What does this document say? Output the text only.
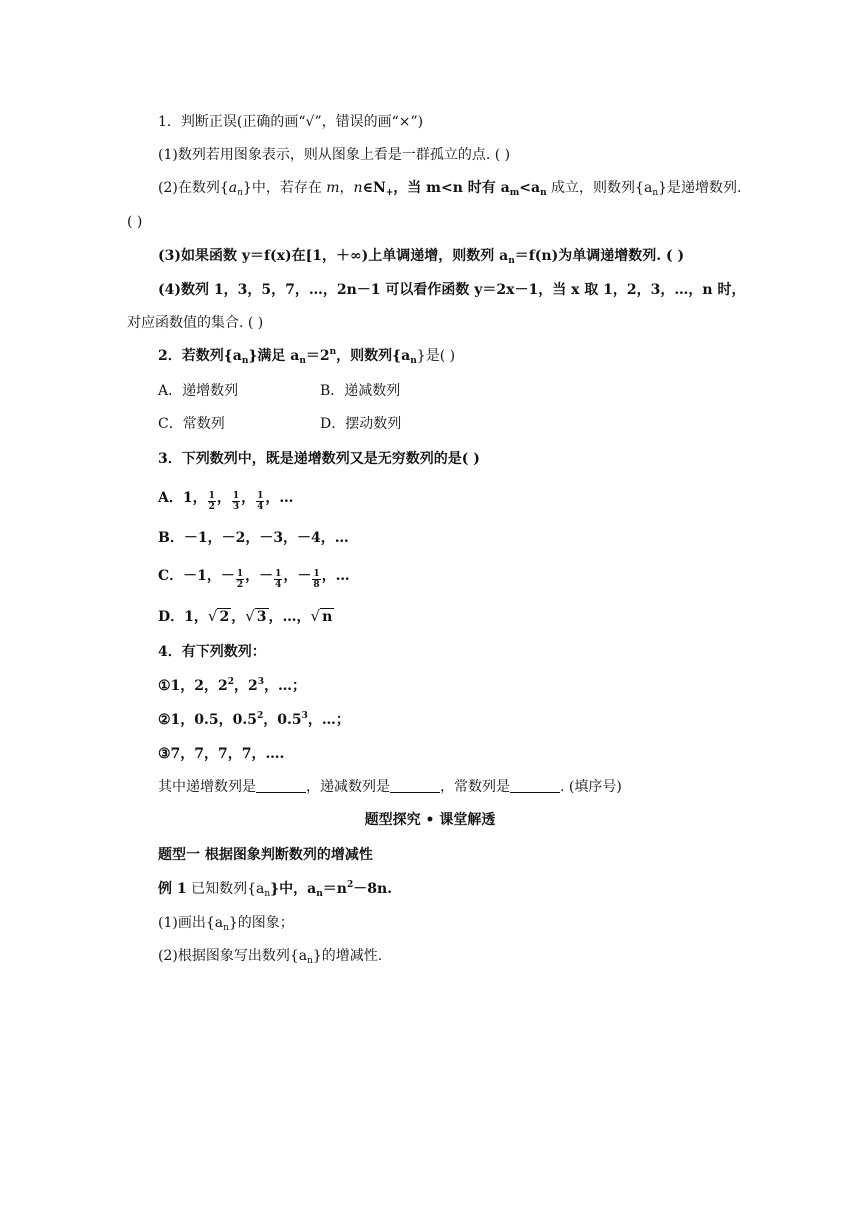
1．判断正误(正确的画“√”，错误的画“×”)
(1)数列若用图象表示，则从图象上看是一群孤立的点. ( )
(2)在数列$\{a_n\}$中，若存在 m，$n\in N_+$，当 m<n 时有 $a_m<a_n$ 成立，则数列$\{a_n\}$是递增数列.
( )
(3)如果函数 y＝f(x)在[1，＋∞)上单调递增，则数列 $a_n=f(n)$为单调递增数列. ( )
(4)数列 1，3，5，7，…，2n－1 可以看作函数 y＝2x－1，当 x 取 1，2，3，…，n 时，
对应函数值的集合. ( )
2．若数列$\{a_n\}$满足 $a_n=2^n$，则数列$\{a_n\}$是( )
A．递增数列	B．递减数列
C．常数列	D．摆动数列
3．下列数列中，既是递增数列又是无穷数列的是( )
A．1， $\frac{1}{2}$ ， $\frac{1}{3}$ ， $\frac{1}{4}$ ，…
B．－1，－2，－3，－4，…
C．－1，－ $\frac{1}{2}$ ，－ $\frac{1}{4}$ ，－ $\frac{1}{8}$ ，…
D．1，√ 2 ，√ 3 ，…，√ n
4．有下列数列：
①1，2，$2^2$，$2^3$，…；
②1，0.5，$0.5^2$，$0.5^3$，…；
③7，7，7，7，….
其中递增数列是	，递减数列是	，常数列是	. (填序号)
题型探究 • 课堂解透
题型一 根据图象判断数列的增减性
例 1 已知数列$\{a_n\}$中，$a_n=n^2-8n$.
(1)画出$\{a_n\}$的图象；
(2)根据图象写出数列$\{a_n\}$的增减性.
